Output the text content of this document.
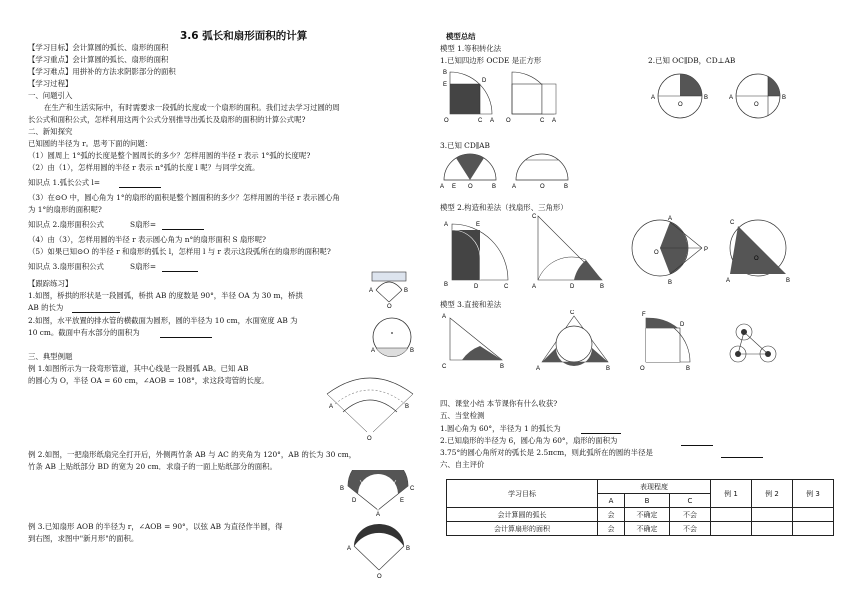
3.6 弧长和扇形面积的计算
【学习目标】会计算圆的弧长、扇形的面积
【学习重点】会计算圆的弧长、扇形的面积
【学习难点】用拼补的方法求阴影部分的面积
【学习过程】
一、问题引入
在生产和生活实际中，有时需要求一段弧的长度或一个扇形的面积。我们过去学习过圆的周
长公式和面积公式，怎样利用这两个公式分别推导出弧长及扇形的面积的计算公式呢?
二、新知探究
已知圆的半径为 r。思考下面的问题：
（1）圆周上 1°弧的长度是整个圆周长的多少？怎样用圆的半径 r 表示 1°弧的长度呢?
（2）由（1），怎样用圆的半径 r 表示 n°弧的长度 l 呢？与同学交流。
知识点 1.弧长公式 l=
（3）在⊙O 中，圆心角为 1°的扇形的面积是整个圆面积的多少？怎样用圆的半径 r 表示圆心角
为 1°的扇形的面积呢?
知识点 2.扇形面积公式	S扇形=
（4）由（3），怎样用圆的半径 r 表示圆心角为 n°的扇形面积 S 扇形呢?
（5）如果已知⊙O 的半径 r 和扇形的弧长 l，怎样用 l 与 r 表示这段弧所在的扇形的面积呢?
知识点 3.扇形面积公式	S扇形=
【跟踪练习】
1.如图，桥拱的形状是一段圆弧，桥拱 AB 的度数是 90°，半径 OA 为 30 m，桥拱
AB 的长为
2.如图，水平放置的排水管的横截面为圆形，圆的半径为 10 cm，水面宽度 AB 为
10 cm。截面中有水部分的面积为
三、典型例题
例 1.如图所示为一段弯形管道，其中心线是一段圆弧 AB。已知 AB
的圆心为 O，半径 OA = 60 cm，∠AOB = 108°，求这段弯管的长度。
例 2.如图，一把扇形纸扇完全打开后，外侧两竹条 AB 与 AC 的夹角为 120°，AB 的长为 30 cm，
竹条 AB 上贴纸部分 BD 的宽为 20 cm．求扇子的一面上贴纸部分的面积。
例 3.已知扇形 AOB 的半径为 r，∠AOB = 90°，以弦 AB 为直径作半圆，得
到右图，求图中"新月形"的面积。
A	B
O
A	B
A	B
O
B	C
D	E
A
A	B
O
模型总结
模型 1.等积转化法
1.已知四边形 OCDE 是正方形	2.已知 OC∥DB，CD⊥AB
B
E
D
O	C A O	C A
A	B
O
A	B
O
3.已知 CD∥AB
A E O	B	A	O	B
模型 2.构造和差法（找扇形、三角形）
A	E
B	D	C
C
A	D	B
O	P
A
B
C
A
O
B
模型 3.直接和差法
A
C	B
C
A	B
F
D
O	B
四、课堂小结 本节课你有什么收获?
五、当堂检测
1.圆心角为 60°，半径为 1 的弧长为
2.已知扇形的半径为 6，圆心角为 60°，扇形的面积为
3.75°的圆心角所对的弧长是 2.5πcm，则此弧所在的圆的半径是
六、自主评价
学习目标	表现程度			例 1	例 2	例 3
	A	B	C			
会计算圆的弧长	会	不确定	不会			
会计算扇形的面积	会	不确定	不会			
